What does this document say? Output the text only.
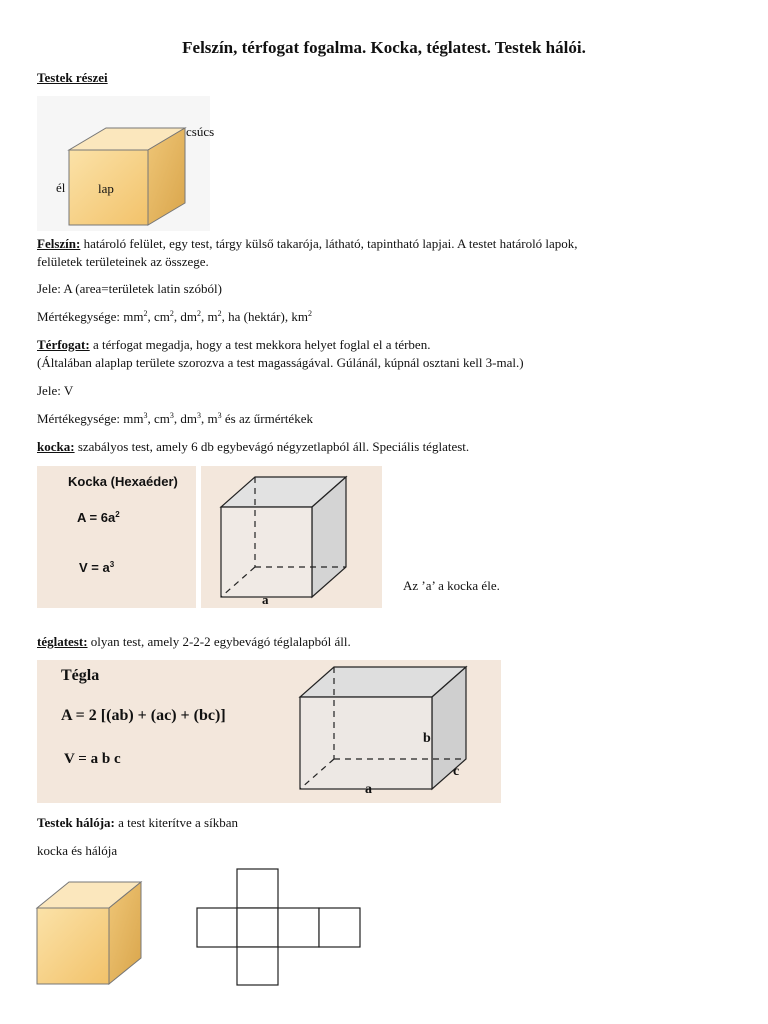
Felszín, térfogat fogalma. Kocka, téglatest. Testek hálói.
Testek részei
csúcs
él	lap
Felszín: határoló felület, egy test, tárgy külső takarója, látható, tapintható lapjai. A testet határoló lapok,
felületek területeinek az összege.
Jele: A (area=területek latin szóból)
Mértékegysége: $mm^2$, $cm^2$, $dm^2$, $m^2$, ha (hektár), $km^2$
Térfogat: a térfogat megadja, hogy a test mekkora helyet foglal el a térben.
(Általában alaplap területe szorozva a test magasságával. Gúlánál, kúpnál osztani kell 3-mal.)
Jele: V
Mértékegysége: $mm^3$, $cm^3$, $dm^3$, $m^3$ és az űrmértékek
kocka: szabályos test, amely 6 db egybevágó négyzetlapból áll. Speciális téglatest.
Kocka (Hexaéder)
$A = 6a^2$
$V = a^3$
a
Az ’a’ a kocka éle.
téglatest: olyan test, amely 2-2-2 egybevágó téglalapból áll.
Tégla
A = 2 [(ab) + (ac) + (bc)]
V = a b c
b
c
a
Testek hálója: a test kiterítve a síkban
kocka és hálója
